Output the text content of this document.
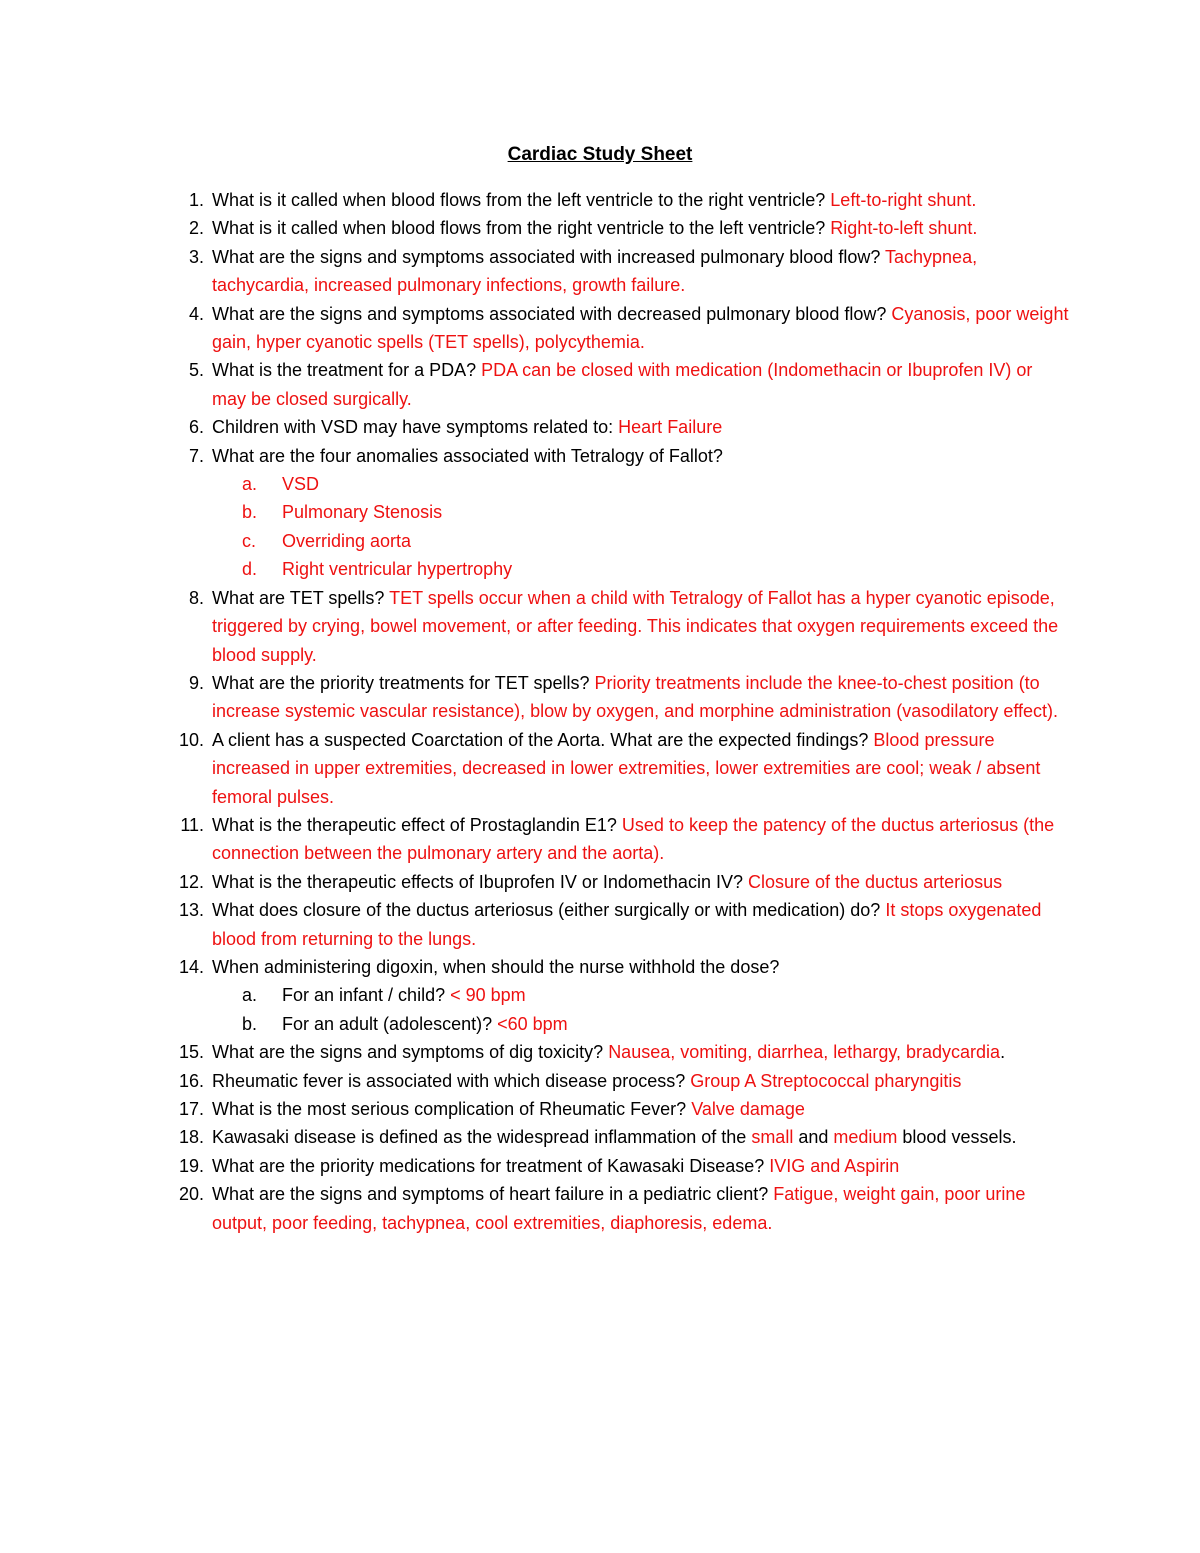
Cardiac Study Sheet
1. What is it called when blood flows from the left ventricle to the right ventricle? Left-to-right shunt.
2. What is it called when blood flows from the right ventricle to the left ventricle? Right-to-left shunt.
3. What are the signs and symptoms associated with increased pulmonary blood flow? Tachypnea, tachycardia, increased pulmonary infections, growth failure.
4. What are the signs and symptoms associated with decreased pulmonary blood flow? Cyanosis, poor weight gain, hyper cyanotic spells (TET spells), polycythemia.
5. What is the treatment for a PDA? PDA can be closed with medication (Indomethacin or Ibuprofen IV) or may be closed surgically.
6. Children with VSD may have symptoms related to: Heart Failure
7. What are the four anomalies associated with Tetralogy of Fallot?
a. VSD
b. Pulmonary Stenosis
c. Overriding aorta
d. Right ventricular hypertrophy
8. What are TET spells? TET spells occur when a child with Tetralogy of Fallot has a hyper cyanotic episode, triggered by crying, bowel movement, or after feeding. This indicates that oxygen requirements exceed the blood supply.
9. What are the priority treatments for TET spells? Priority treatments include the knee-to-chest position (to increase systemic vascular resistance), blow by oxygen, and morphine administration (vasodilatory effect).
10. A client has a suspected Coarctation of the Aorta. What are the expected findings? Blood pressure increased in upper extremities, decreased in lower extremities, lower extremities are cool; weak / absent femoral pulses.
11. What is the therapeutic effect of Prostaglandin E1? Used to keep the patency of the ductus arteriosus (the connection between the pulmonary artery and the aorta).
12. What is the therapeutic effects of Ibuprofen IV or Indomethacin IV? Closure of the ductus arteriosus
13. What does closure of the ductus arteriosus (either surgically or with medication) do? It stops oxygenated blood from returning to the lungs.
14. When administering digoxin, when should the nurse withhold the dose?
a. For an infant / child? < 90 bpm
b. For an adult (adolescent)? <60 bpm
15. What are the signs and symptoms of dig toxicity? Nausea, vomiting, diarrhea, lethargy, bradycardia.
16. Rheumatic fever is associated with which disease process? Group A Streptococcal pharyngitis
17. What is the most serious complication of Rheumatic Fever? Valve damage
18. Kawasaki disease is defined as the widespread inflammation of the small and medium blood vessels.
19. What are the priority medications for treatment of Kawasaki Disease? IVIG and Aspirin
20. What are the signs and symptoms of heart failure in a pediatric client? Fatigue, weight gain, poor urine output, poor feeding, tachypnea, cool extremities, diaphoresis, edema.
